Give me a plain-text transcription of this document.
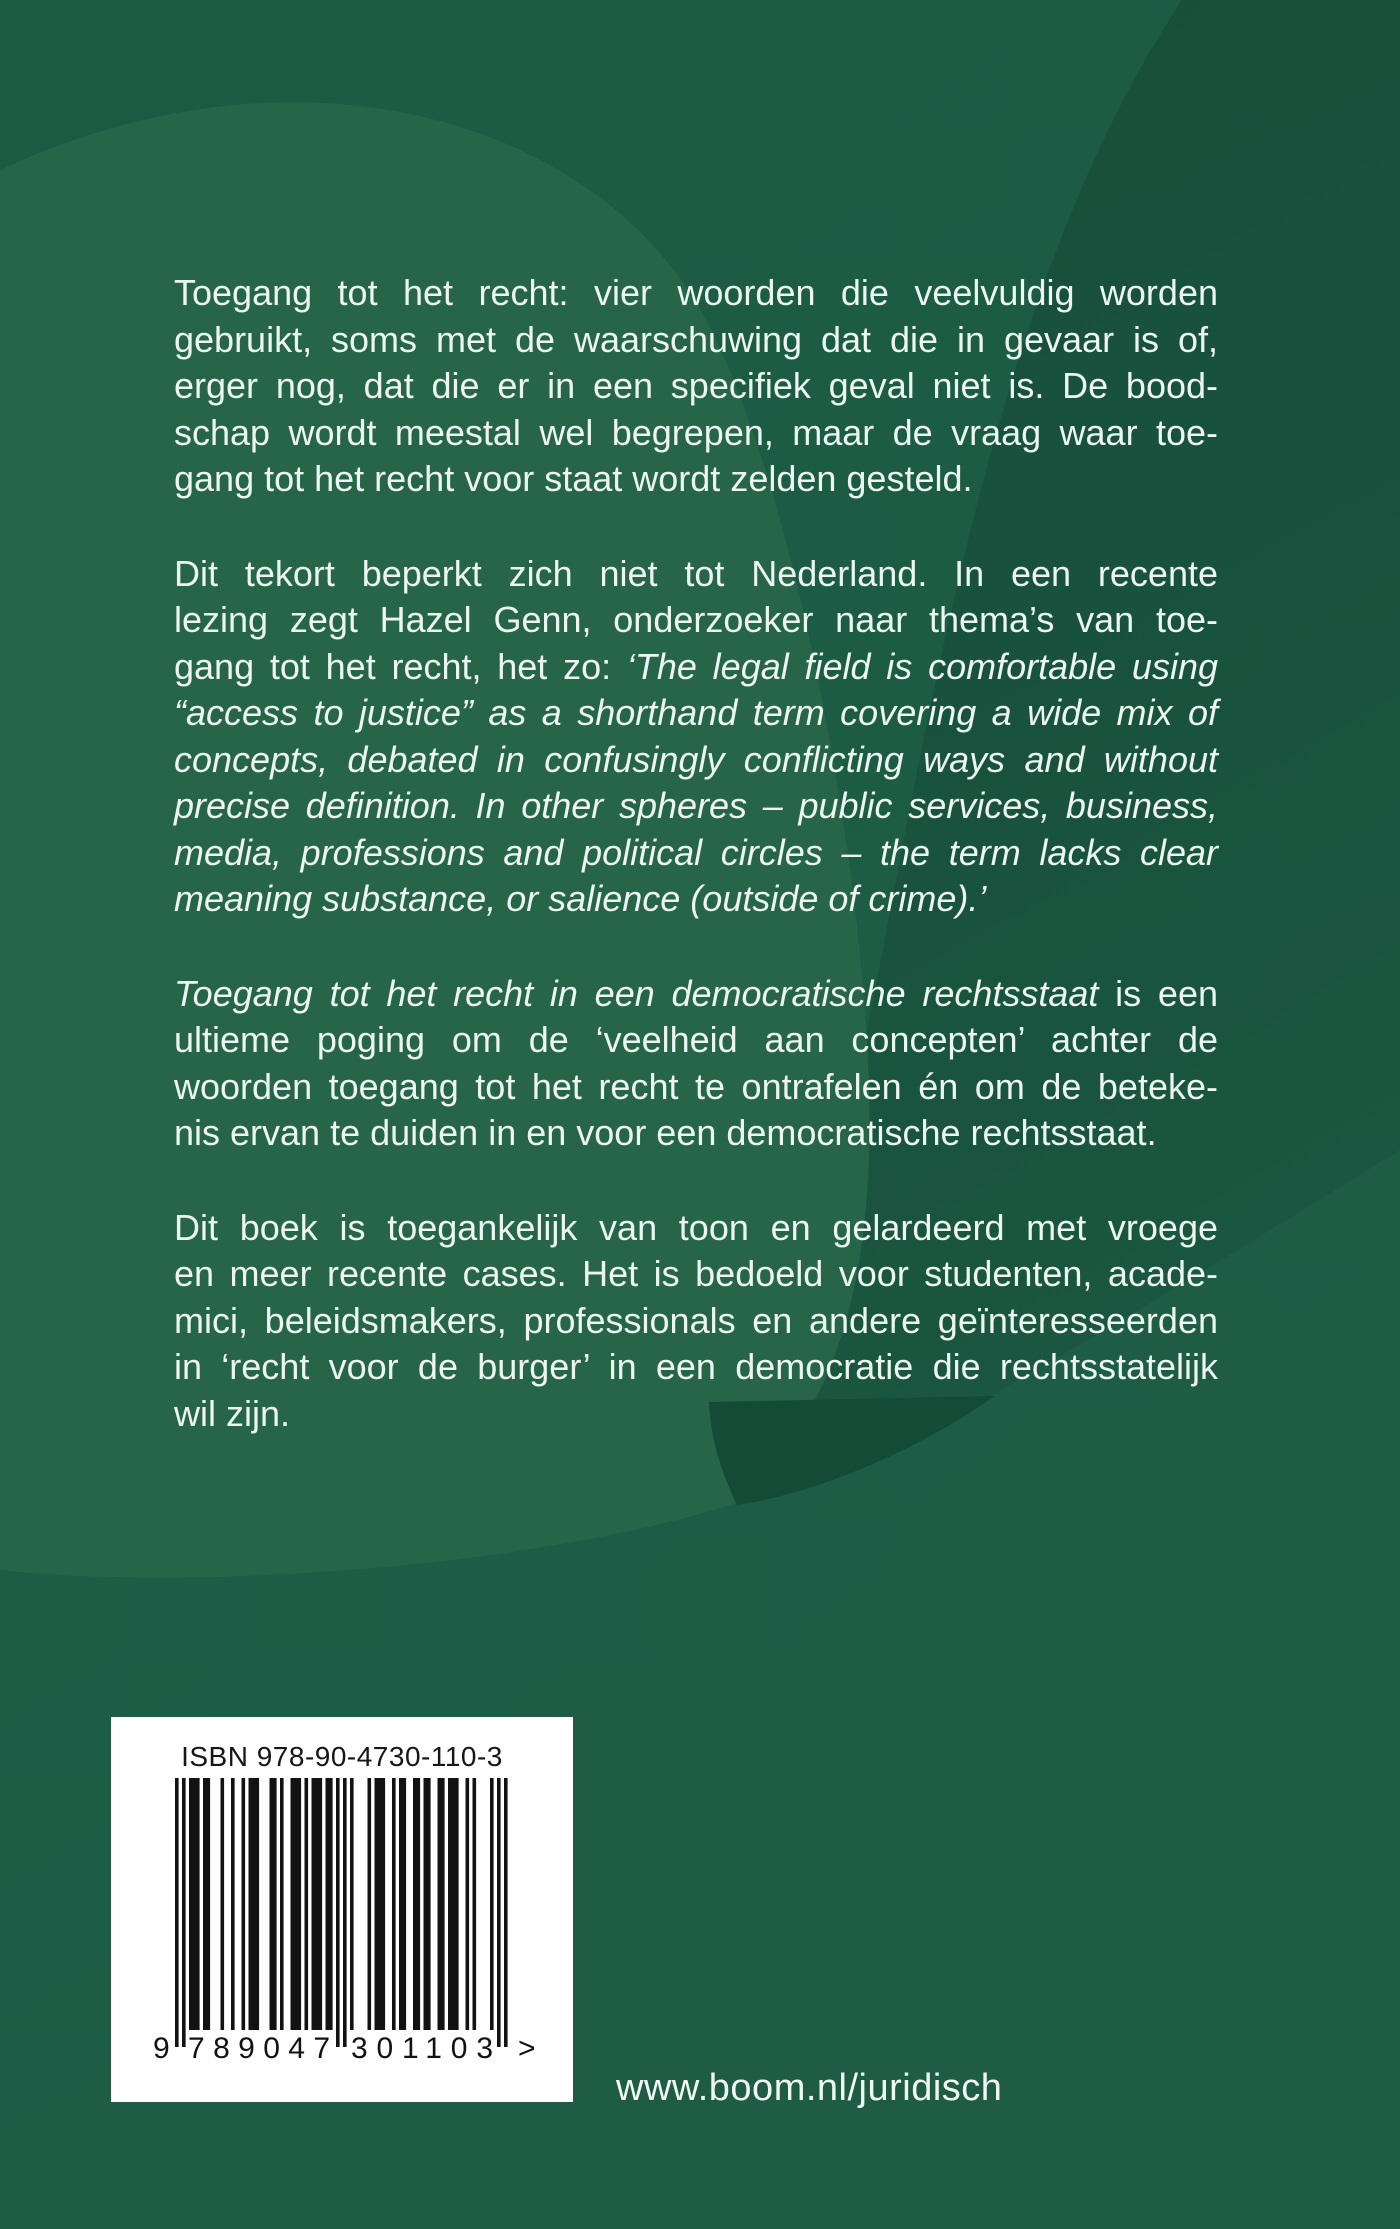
Toegang tot het recht: vier woorden die veelvuldig worden
gebruikt, soms met de waarschuwing dat die in gevaar is of,
erger nog, dat die er in een specifiek geval niet is. De bood-
schap wordt meestal wel begrepen, maar de vraag waar toe-
gang tot het recht voor staat wordt zelden gesteld.
Dit tekort beperkt zich niet tot Nederland. In een recente
lezing zegt Hazel Genn, onderzoeker naar thema’s van toe-
gang tot het recht, het zo: ‘The legal field is comfortable using
“access to justice” as a shorthand term covering a wide mix of
concepts, debated in confusingly conflicting ways and without
precise definition. In other spheres – public services, business,
media, professions and political circles – the term lacks clear
meaning substance, or salience (outside of crime).’
Toegang tot het recht in een democratische rechtsstaat is een
ultieme poging om de ‘veelheid aan concepten’ achter de
woorden toegang tot het recht te ontrafelen én om de beteke-
nis ervan te duiden in en voor een democratische rechtsstaat.
Dit boek is toegankelijk van toon en gelardeerd met vroege
en meer recente cases. Het is bedoeld voor studenten, acade-
mici, beleidsmakers, professionals en andere geïnteresseerden
in ‘recht voor de burger’ in een democratie die rechtsstatelijk
wil zijn.
ISBN 978-90-4730-110-3
9 789047 301103 >
www.boom.nl/juridisch
